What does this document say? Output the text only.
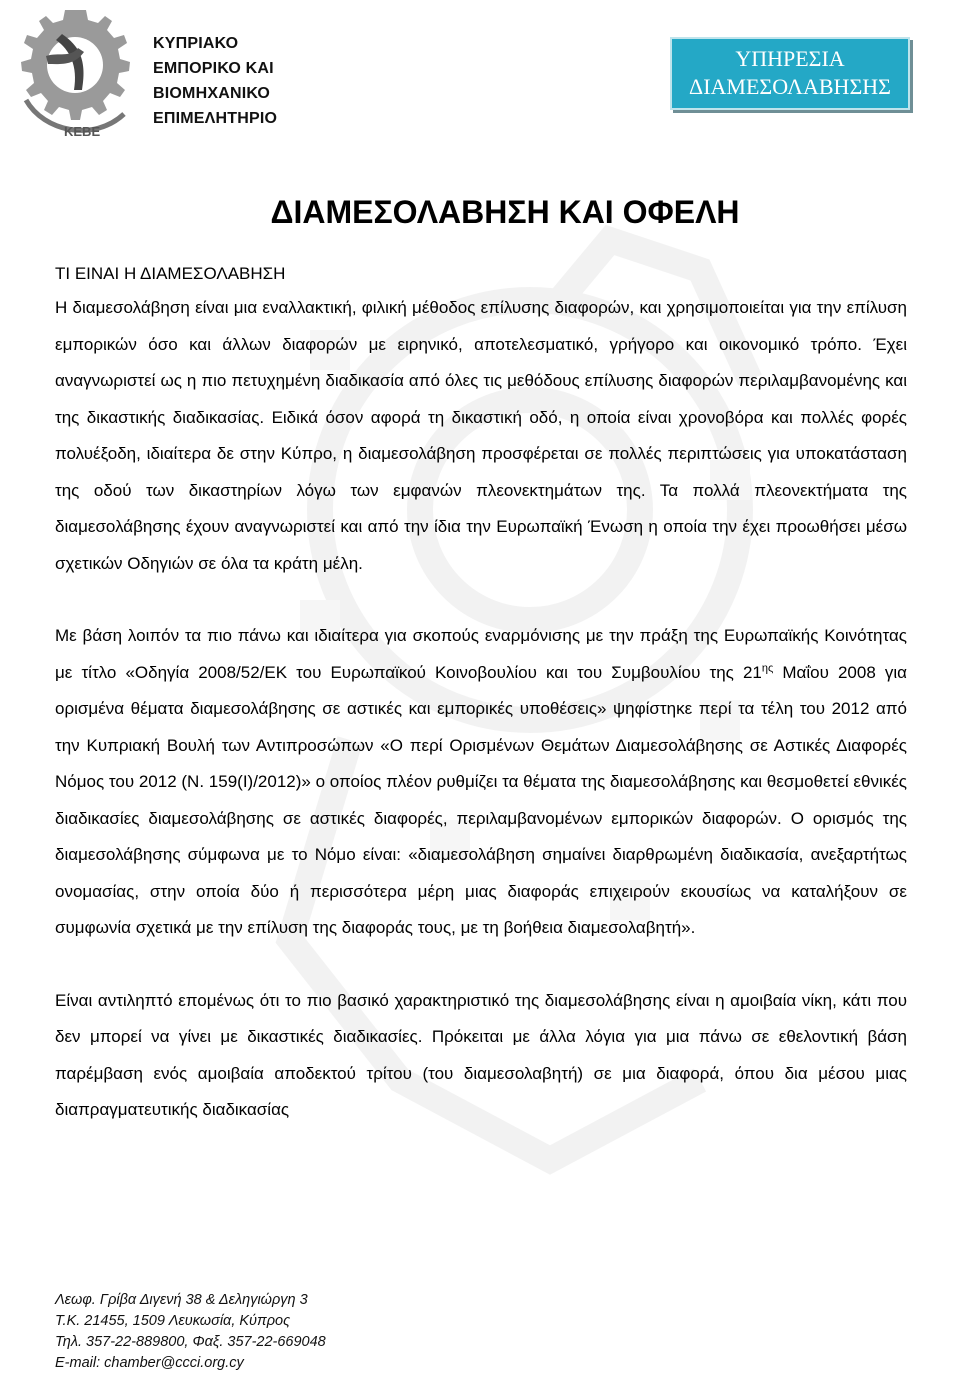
ΚΕΒΕ
ΚΥΠΡΙΑΚΟ
ΕΜΠΟΡΙΚΟ ΚΑΙ
ΒΙΟΜΗΧΑΝΙΚΟ
ΕΠΙΜΕΛΗΤΗΡΙΟ
ΥΠΗΡΕΣΙΑ
ΔΙΑΜΕΣΟΛΑΒΗΣΗΣ
ΔΙΑΜΕΣΟΛΑΒΗΣΗ ΚΑΙ ΟΦΕΛΗ

ΤΙ ΕΙΝΑΙ Η ΔΙΑΜΕΣΟΛΑΒΗΣΗ

Η διαμεσολάβηση είναι μια εναλλακτική, φιλική μέθοδος επίλυσης διαφορών, και χρησιμοποιείται για την επίλυση εμπορικών όσο και άλλων διαφορών με ειρηνικό, αποτελεσματικό, γρήγορο και οικονομικό τρόπο. Έχει αναγνωριστεί ως η πιο πετυχημένη διαδικασία από όλες τις μεθόδους επίλυσης διαφορών περιλαμβανομένης και της δικαστικής διαδικασίας. Ειδικά όσον αφορά τη δικαστική οδό, η οποία είναι χρονοβόρα και πολλές φορές πολυέξοδη, ιδιαίτερα δε στην Κύπρο, η διαμεσολάβηση προσφέρεται σε πολλές περιπτώσεις για υποκατάσταση της οδού των δικαστηρίων λόγω των εμφανών πλεονεκτημάτων της. Τα πολλά πλεονεκτήματα της διαμεσολάβησης έχουν αναγνωριστεί και από την ίδια την Ευρωπαϊκή Ένωση η οποία την έχει προωθήσει μέσω σχετικών Οδηγιών σε όλα τα κράτη μέλη.

Με βάση λοιπόν τα πιο πάνω και ιδιαίτερα για σκοπούς εναρμόνισης με την πράξη της Ευρωπαϊκής Κοινότητας με τίτλο «Οδηγία 2008/52/ΕΚ του Ευρωπαϊκού Κοινοβουλίου και του Συμβουλίου της $21^{\eta\varsigma}$ Μαΐου 2008 για ορισμένα θέματα διαμεσολάβησης σε αστικές και εμπορικές υποθέσεις» ψηφίστηκε περί τα τέλη του 2012 από την Κυπριακή Βουλή των Αντιπροσώπων «Ο περί Ορισμένων Θεμάτων Διαμεσολάβησης σε Αστικές Διαφορές Νόμος του 2012 (Ν. 159(Ι)/2012)» ο οποίος πλέον ρυθμίζει τα θέματα της διαμεσολάβησης και θεσμοθετεί εθνικές διαδικασίες διαμεσολάβησης σε αστικές διαφορές, περιλαμβανομένων εμπορικών διαφορών. Ο ορισμός της διαμεσολάβησης σύμφωνα με το Νόμο είναι: «διαμεσολάβηση σημαίνει διαρθρωμένη διαδικασία, ανεξαρτήτως ονομασίας, στην οποία δύο ή περισσότερα μέρη μιας διαφοράς επιχειρούν εκουσίως να καταλήξουν σε συμφωνία σχετικά με την επίλυση της διαφοράς τους, με τη βοήθεια διαμεσολαβητή».

Είναι αντιληπτό επομένως ότι το πιο βασικό χαρακτηριστικό της διαμεσολάβησης είναι η αμοιβαία νίκη, κάτι που δεν μπορεί να γίνει με δικαστικές διαδικασίες. Πρόκειται με άλλα λόγια για μια πάνω σε εθελοντική βάση παρέμβαση ενός αμοιβαία αποδεκτού τρίτου (του διαμεσολαβητή) σε μια διαφορά, όπου δια μέσου μιας διαπραγματευτικής διαδικασίας

Λεωφ. Γρίβα Διγενή 38 & Δεληγιώργη 3
Τ.Κ. 21455, 1509 Λευκωσία, Κύπρος
Τηλ. 357-22-889800, Φαξ. 357-22-669048
E-mail: chamber@ccci.org.cy
